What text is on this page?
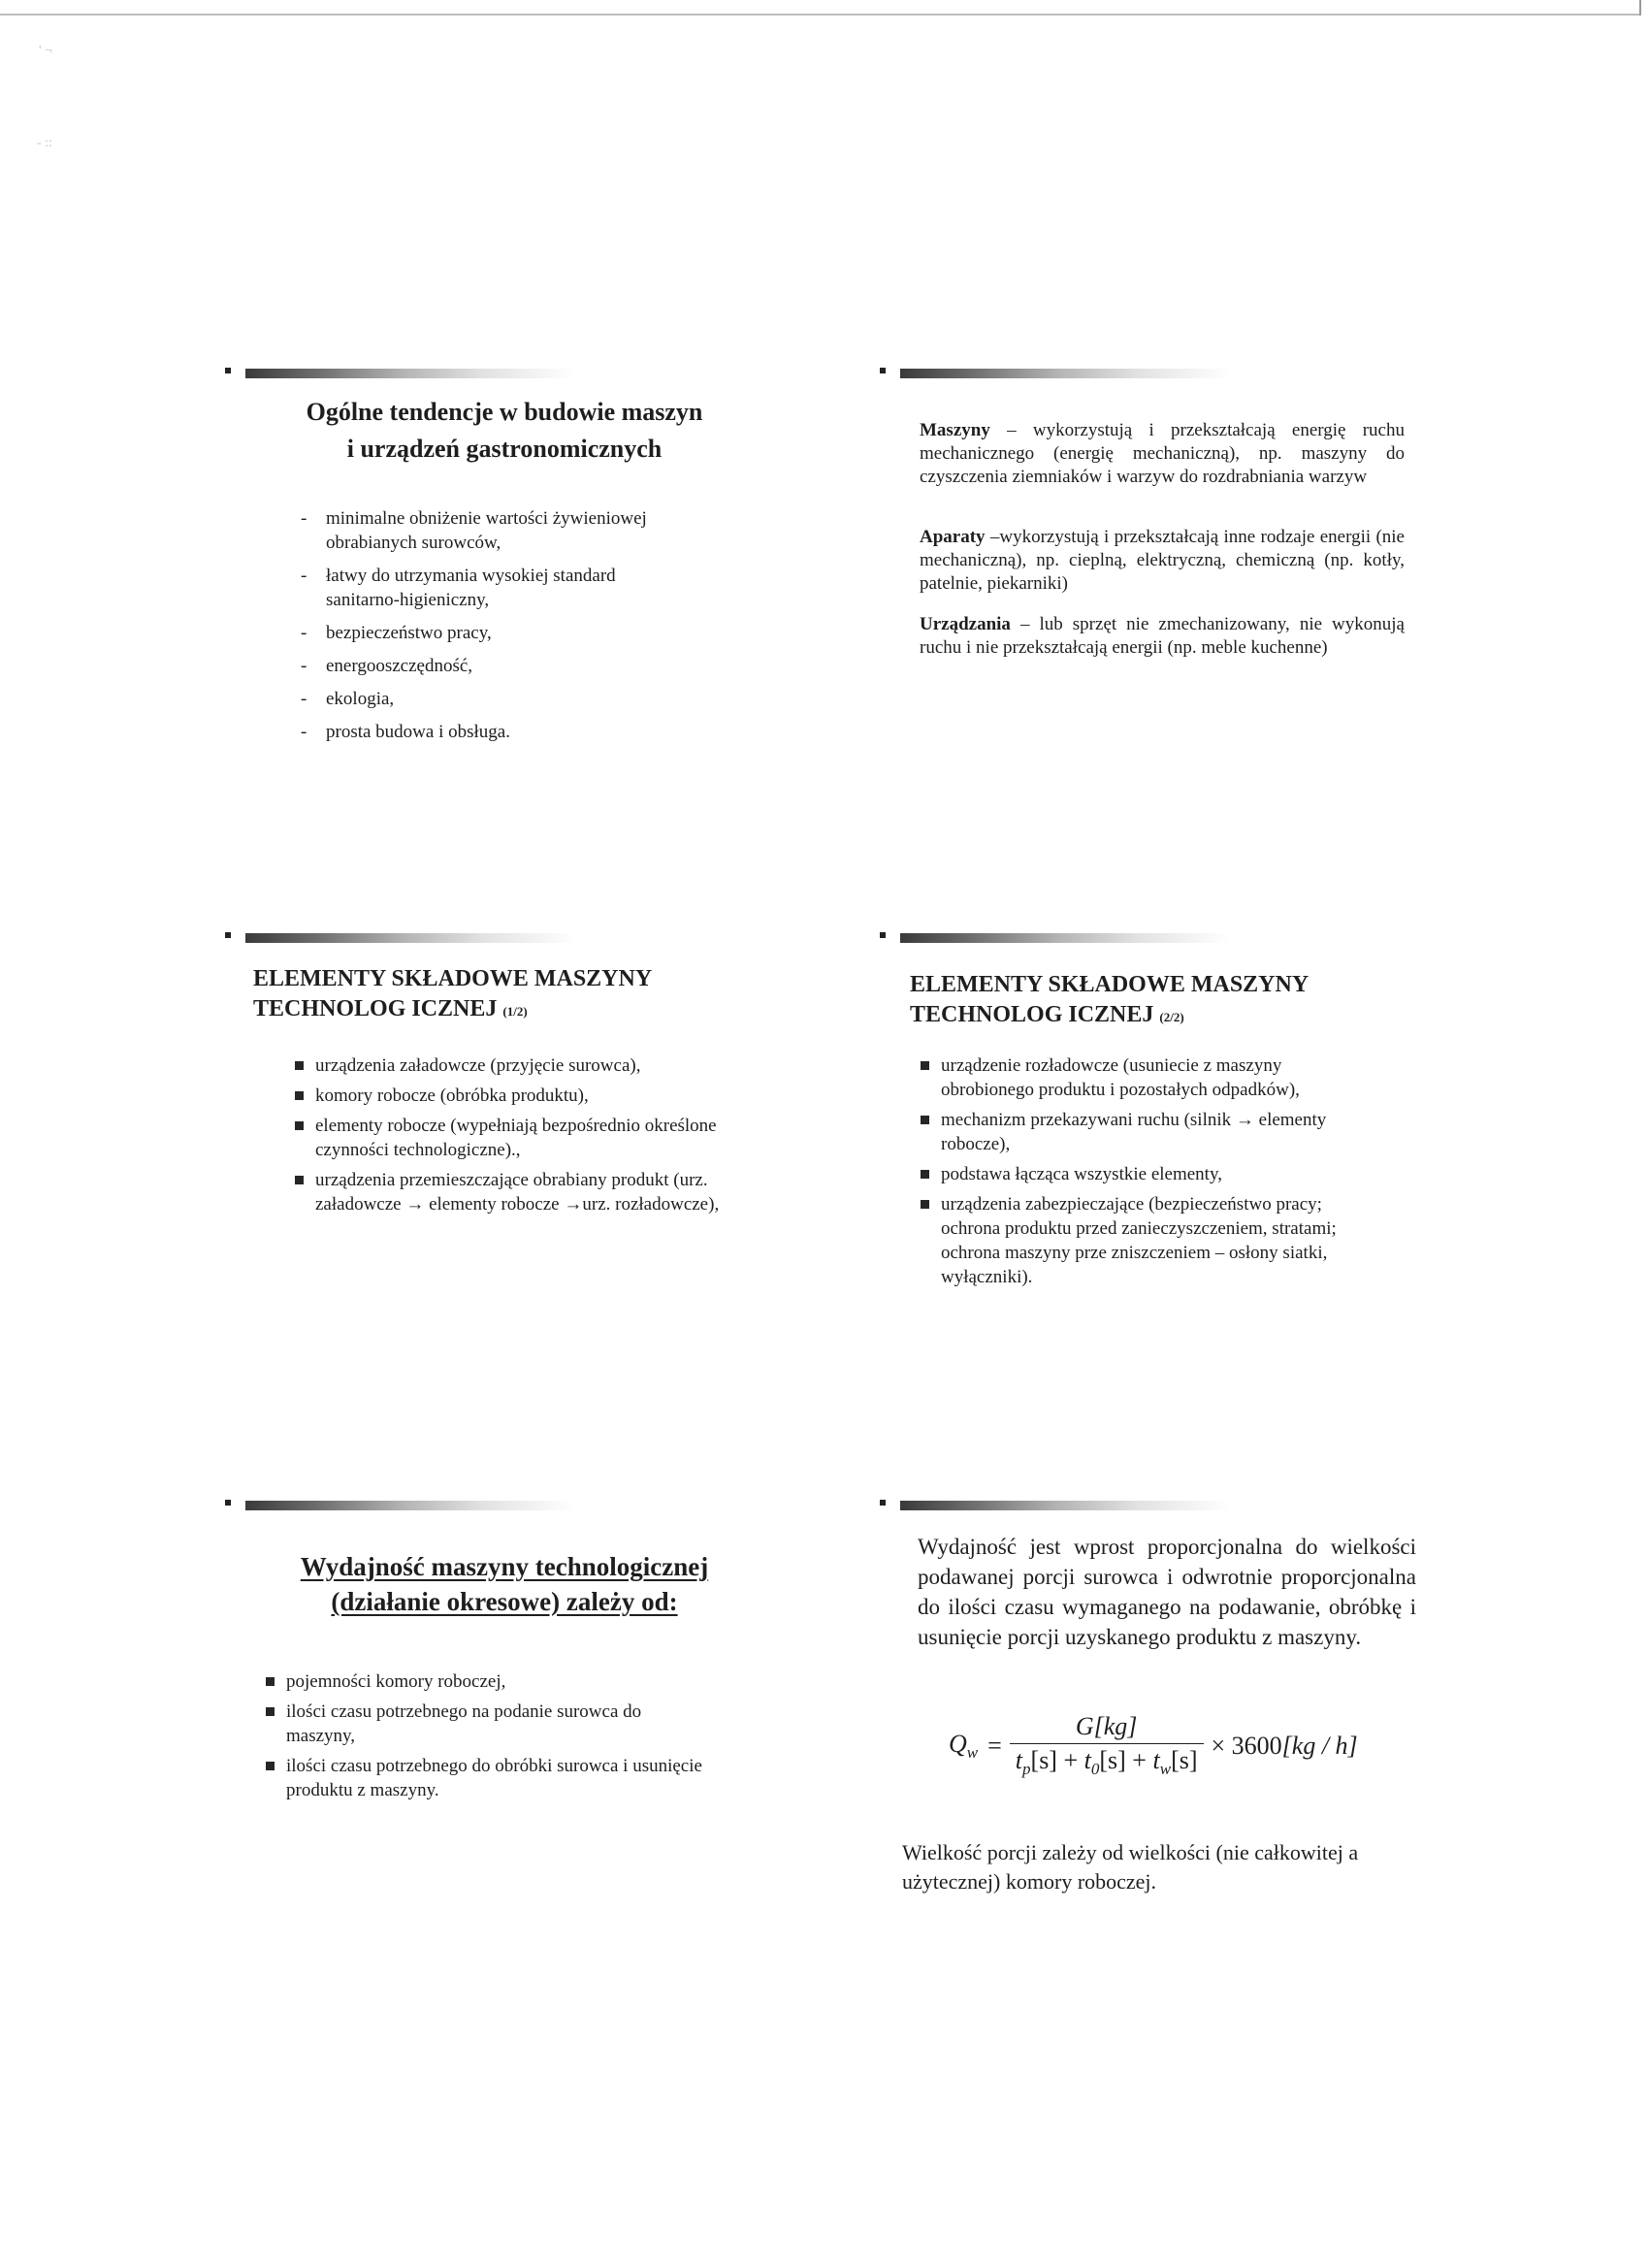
' ¬
- ::

Ogólne tendencje w budowie maszyn
i urządzeń gastronomicznych

- minimalne obniżenie wartości żywieniowej obrabianych surowców,
- łatwy do utrzymania wysokiej standard sanitarno-higieniczny,
- bezpieczeństwo pracy,
- energooszczędność,
- ekologia,
- prosta budowa i obsługa.

Maszyny – wykorzystują i przekształcają energię ruchu mechanicznego (energię mechaniczną), np. maszyny do czyszczenia ziemniaków i warzyw do rozdrabniania warzyw

Aparaty –wykorzystują i przekształcają inne rodzaje energii (nie mechaniczną), np. cieplną, elektryczną, chemiczną (np. kotły, patelnie, piekarniki)

Urządzania – lub sprzęt nie zmechanizowany, nie wykonują ruchu i nie przekształcają energii (np. meble kuchenne)

ELEMENTY SKŁADOWE MASZYNY
TECHNOLOG ICZNEJ (1/2)

urządzenia załadowcze (przyjęcie surowca),
komory robocze (obróbka produktu),
elementy robocze (wypełniają bezpośrednio określone czynności technologiczne).,
urządzenia przemieszczające obrabiany produkt (urz. załadowcze → elementy robocze →urz. rozładowcze),

ELEMENTY SKŁADOWE MASZYNY
TECHNOLOG ICZNEJ (2/2)

urządzenie rozładowcze (usuniecie z maszyny obrobionego produktu i pozostałych odpadków),
mechanizm przekazywani ruchu (silnik → elementy robocze),
podstawa łącząca wszystkie elementy,
urządzenia zabezpieczające (bezpieczeństwo pracy; ochrona produktu przed zanieczyszczeniem, stratami; ochrona maszyny prze zniszczeniem – osłony siatki, wyłączniki).

Wydajność maszyny technologicznej
(działanie okresowe) zależy od:

pojemności komory roboczej,
ilości czasu potrzebnego na podanie surowca do maszyny,
ilości czasu potrzebnego do obróbki surowca i usunięcie produktu z maszyny.

Wydajność jest wprost proporcjonalna do wielkości podawanej porcji surowca i odwrotnie proporcjonalna do ilości czasu wymaganego na podawanie, obróbkę i usunięcie porcji uzyskanego produktu z maszyny.

$Q_w = \frac{G[kg]}{t_p[s] + t_0[s] + t_w[s]} \times 3600$ [kg / h]

Wielkość porcji zależy od wielkości (nie całkowitej a użytecznej) komory roboczej.
